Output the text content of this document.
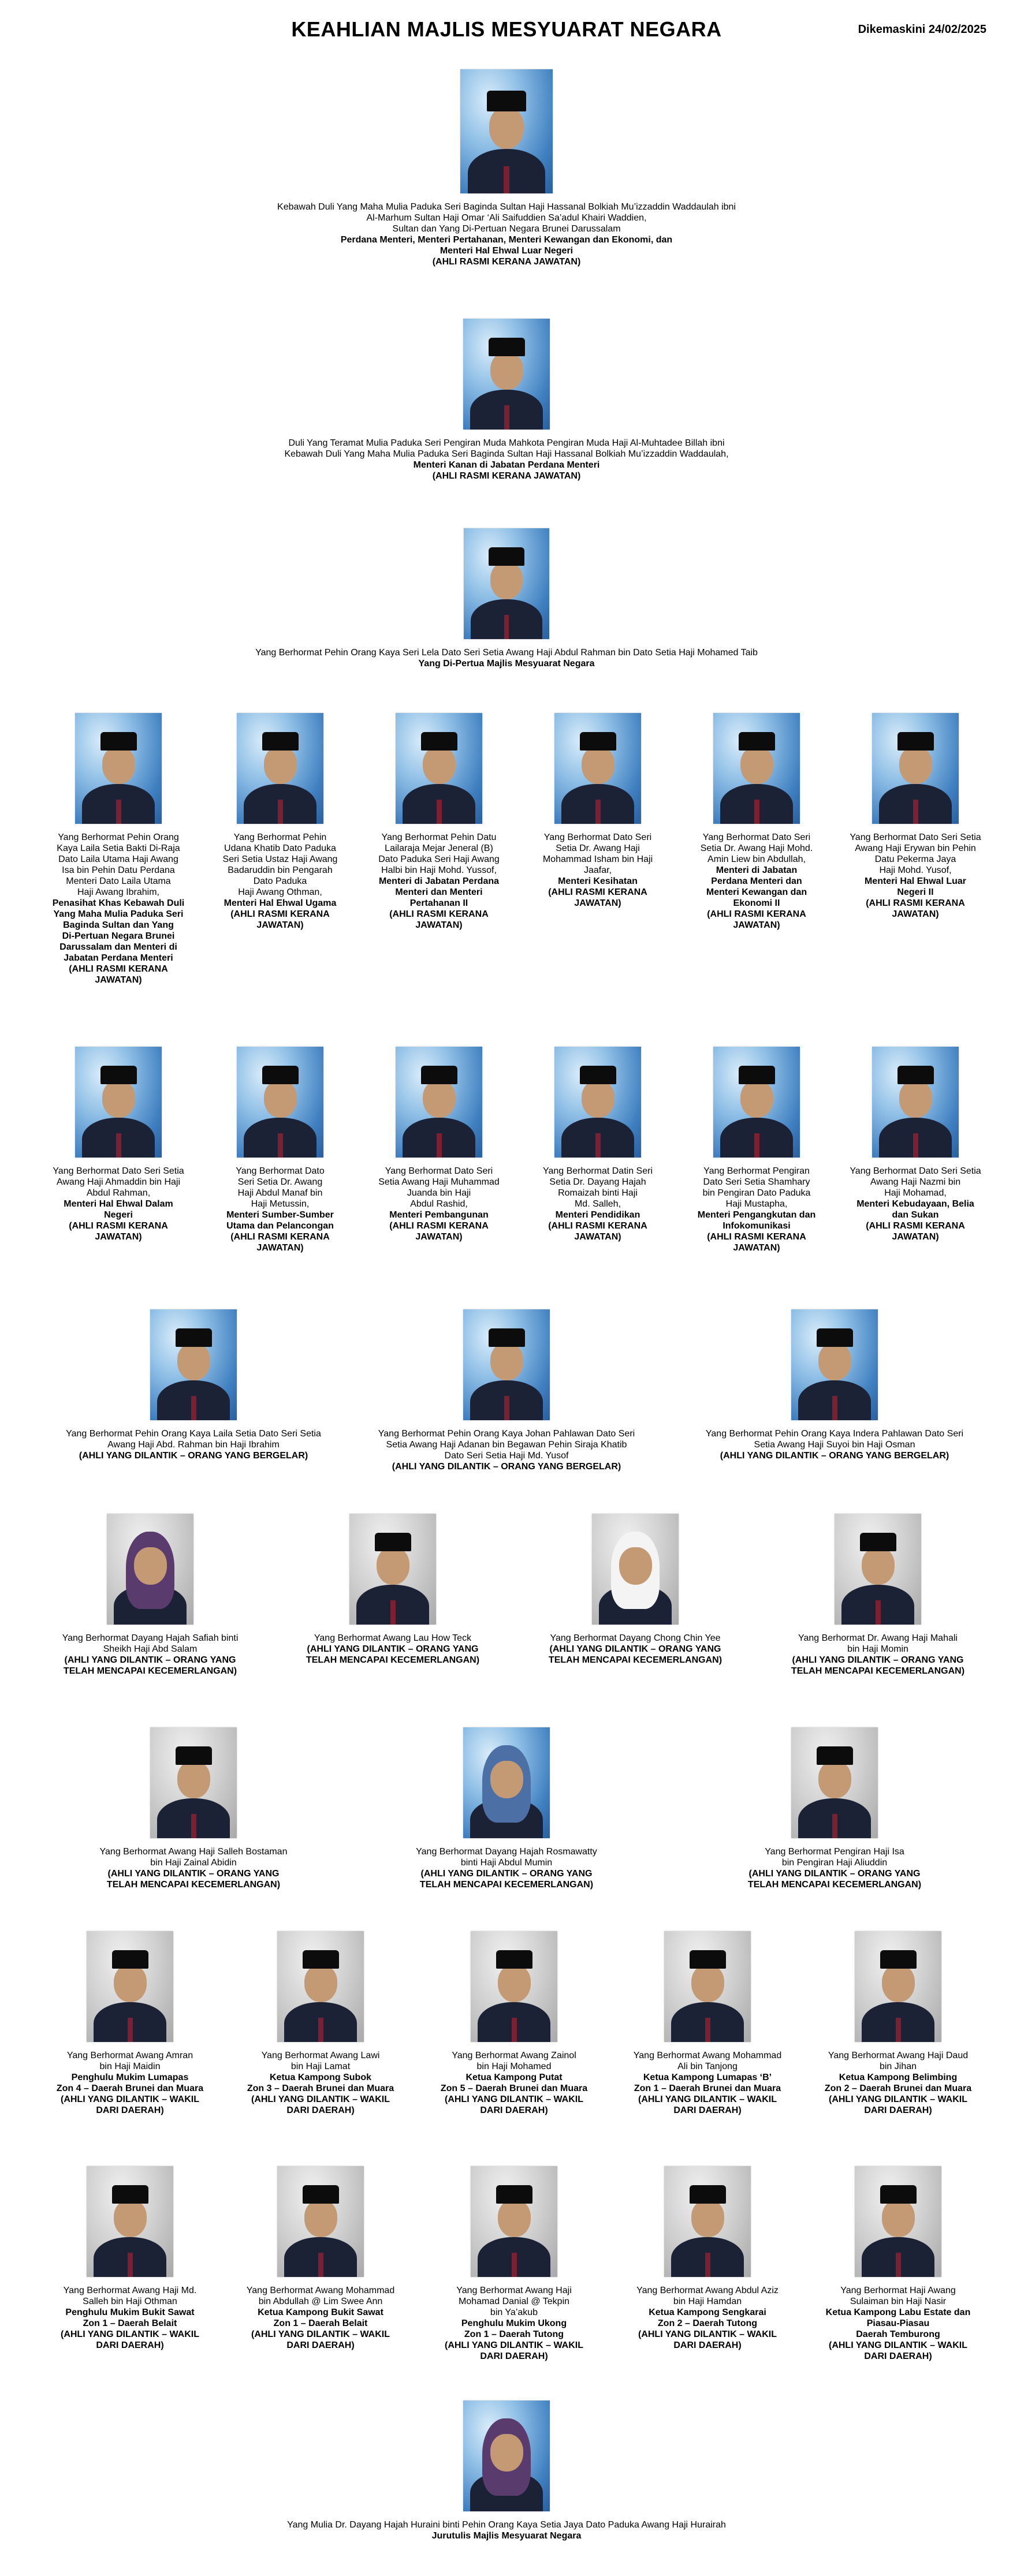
KEAHLIAN MAJLIS MESYUARAT NEGARA	Dikemaskini 24/02/2025
Kebawah Duli Yang Maha Mulia Paduka Seri Baginda Sultan Haji Hassanal Bolkiah Mu’izzaddin Waddaulah ibni
Al-Marhum Sultan Haji Omar ‘Ali Saifuddien Sa’adul Khairi Waddien,
Sultan dan Yang Di-Pertuan Negara Brunei Darussalam
Perdana Menteri, Menteri Pertahanan, Menteri Kewangan dan Ekonomi, dan
Menteri Hal Ehwal Luar Negeri
(AHLI RASMI KERANA JAWATAN)
Duli Yang Teramat Mulia Paduka Seri Pengiran Muda Mahkota Pengiran Muda Haji Al-Muhtadee Billah ibni
Kebawah Duli Yang Maha Mulia Paduka Seri Baginda Sultan Haji Hassanal Bolkiah Mu’izzaddin Waddaulah,
Menteri Kanan di Jabatan Perdana Menteri
(AHLI RASMI KERANA JAWATAN)
Yang Berhormat Pehin Orang Kaya Seri Lela Dato Seri Setia Awang Haji Abdul Rahman bin Dato Setia Haji Mohamed Taib
Yang Di-Pertua Majlis Mesyuarat Negara
Yang Berhormat Pehin Orang
Kaya Laila Setia Bakti Di-Raja
Dato Laila Utama Haji Awang
Isa bin Pehin Datu Perdana
Menteri Dato Laila Utama
Haji Awang Ibrahim,
Penasihat Khas Kebawah Duli
Yang Maha Mulia Paduka Seri
Baginda Sultan dan Yang
Di-Pertuan Negara Brunei
Darussalam dan Menteri di
Jabatan Perdana Menteri
(AHLI RASMI KERANA
JAWATAN)
Yang Berhormat Pehin
Udana Khatib Dato Paduka
Seri Setia Ustaz Haji Awang
Badaruddin bin Pengarah
Dato Paduka
Haji Awang Othman,
Menteri Hal Ehwal Ugama
(AHLI RASMI KERANA
JAWATAN)
Yang Berhormat Pehin Datu
Lailaraja Mejar Jeneral (B)
Dato Paduka Seri Haji Awang
Halbi bin Haji Mohd. Yussof,
Menteri di Jabatan Perdana
Menteri dan Menteri
Pertahanan II
(AHLI RASMI KERANA
JAWATAN)
Yang Berhormat Dato Seri
Setia Dr. Awang Haji
Mohammad Isham bin Haji
Jaafar,
Menteri Kesihatan
(AHLI RASMI KERANA
JAWATAN)
Yang Berhormat Dato Seri
Setia Dr. Awang Haji Mohd.
Amin Liew bin Abdullah,
Menteri di Jabatan
Perdana Menteri dan
Menteri Kewangan dan
Ekonomi II
(AHLI RASMI KERANA
JAWATAN)
Yang Berhormat Dato Seri Setia
Awang Haji Erywan bin Pehin
Datu Pekerma Jaya
Haji Mohd. Yusof,
Menteri Hal Ehwal Luar
Negeri II
(AHLI RASMI KERANA
JAWATAN)
Yang Berhormat Dato Seri Setia
Awang Haji Ahmaddin bin Haji
Abdul Rahman,
Menteri Hal Ehwal Dalam
Negeri
(AHLI RASMI KERANA
JAWATAN)
Yang Berhormat Dato
Seri Setia Dr. Awang
Haji Abdul Manaf bin
Haji Metussin,
Menteri Sumber-Sumber
Utama dan Pelancongan
(AHLI RASMI KERANA
JAWATAN)
Yang Berhormat Dato Seri
Setia Awang Haji Muhammad
Juanda bin Haji
Abdul Rashid,
Menteri Pembangunan
(AHLI RASMI KERANA
JAWATAN)
Yang Berhormat Datin Seri
Setia Dr. Dayang Hajah
Romaizah binti Haji
Md. Salleh,
Menteri Pendidikan
(AHLI RASMI KERANA
JAWATAN)
Yang Berhormat Pengiran
Dato Seri Setia Shamhary
bin Pengiran Dato Paduka
Haji Mustapha,
Menteri Pengangkutan dan
Infokomunikasi
(AHLI RASMI KERANA
JAWATAN)
Yang Berhormat Dato Seri Setia
Awang Haji Nazmi bin
Haji Mohamad,
Menteri Kebudayaan, Belia
dan Sukan
(AHLI RASMI KERANA
JAWATAN)
Yang Berhormat Pehin Orang Kaya Laila Setia Dato Seri Setia
Awang Haji Abd. Rahman bin Haji Ibrahim
(AHLI YANG DILANTIK – ORANG YANG BERGELAR)
Yang Berhormat Pehin Orang Kaya Johan Pahlawan Dato Seri
Setia Awang Haji Adanan bin Begawan Pehin Siraja Khatib
Dato Seri Setia Haji Md. Yusof
(AHLI YANG DILANTIK – ORANG YANG BERGELAR)
Yang Berhormat Pehin Orang Kaya Indera Pahlawan Dato Seri
Setia Awang Haji Suyoi bin Haji Osman
(AHLI YANG DILANTIK – ORANG YANG BERGELAR)
Yang Berhormat Dayang Hajah Safiah binti
Sheikh Haji Abd Salam
(AHLI YANG DILANTIK – ORANG YANG
TELAH MENCAPAI KECEMERLANGAN)
Yang Berhormat Awang Lau How Teck
(AHLI YANG DILANTIK – ORANG YANG
TELAH MENCAPAI KECEMERLANGAN)
Yang Berhormat Dayang Chong Chin Yee
(AHLI YANG DILANTIK – ORANG YANG
TELAH MENCAPAI KECEMERLANGAN)
Yang Berhormat Dr. Awang Haji Mahali
bin Haji Momin
(AHLI YANG DILANTIK – ORANG YANG
TELAH MENCAPAI KECEMERLANGAN)
Yang Berhormat Awang Haji Salleh Bostaman
bin Haji Zainal Abidin
(AHLI YANG DILANTIK – ORANG YANG
TELAH MENCAPAI KECEMERLANGAN)
Yang Berhormat Dayang Hajah Rosmawatty
binti Haji Abdul Mumin
(AHLI YANG DILANTIK – ORANG YANG
TELAH MENCAPAI KECEMERLANGAN)
Yang Berhormat Pengiran Haji Isa
bin Pengiran Haji Aliuddin
(AHLI YANG DILANTIK – ORANG YANG
TELAH MENCAPAI KECEMERLANGAN)
Yang Berhormat Awang Amran
bin Haji Maidin
Penghulu Mukim Lumapas
Zon 4 – Daerah Brunei dan Muara
(AHLI YANG DILANTIK – WAKIL
DARI DAERAH)
Yang Berhormat Awang Lawi
bin Haji Lamat
Ketua Kampong Subok
Zon 3 – Daerah Brunei dan Muara
(AHLI YANG DILANTIK – WAKIL
DARI DAERAH)
Yang Berhormat Awang Zainol
bin Haji Mohamed
Ketua Kampong Putat
Zon 5 – Daerah Brunei dan Muara
(AHLI YANG DILANTIK – WAKIL
DARI DAERAH)
Yang Berhormat Awang Mohammad
Ali bin Tanjong
Ketua Kampong Lumapas ‘B’
Zon 1 – Daerah Brunei dan Muara
(AHLI YANG DILANTIK – WAKIL
DARI DAERAH)
Yang Berhormat Awang Haji Daud
bin Jihan
Ketua Kampong Belimbing
Zon 2 – Daerah Brunei dan Muara
(AHLI YANG DILANTIK – WAKIL
DARI DAERAH)
Yang Berhormat Awang Haji Md.
Salleh bin Haji Othman
Penghulu Mukim Bukit Sawat
Zon 1 – Daerah Belait
(AHLI YANG DILANTIK – WAKIL
DARI DAERAH)
Yang Berhormat Awang Mohammad
bin Abdullah @ Lim Swee Ann
Ketua Kampong Bukit Sawat
Zon 1 – Daerah Belait
(AHLI YANG DILANTIK – WAKIL
DARI DAERAH)
Yang Berhormat Awang Haji
Mohamad Danial @ Tekpin
bin Ya’akub
Penghulu Mukim Ukong
Zon 1 – Daerah Tutong
(AHLI YANG DILANTIK – WAKIL
DARI DAERAH)
Yang Berhormat Awang Abdul Aziz
bin Haji Hamdan
Ketua Kampong Sengkarai
Zon 2 – Daerah Tutong
(AHLI YANG DILANTIK – WAKIL
DARI DAERAH)
Yang Berhormat Haji Awang
Sulaiman bin Haji Nasir
Ketua Kampong Labu Estate dan
Piasau-Piasau
Daerah Temburong
(AHLI YANG DILANTIK – WAKIL
DARI DAERAH)
Yang Mulia Dr. Dayang Hajah Huraini binti Pehin Orang Kaya Setia Jaya Dato Paduka Awang Haji Hurairah
Jurutulis Majlis Mesyuarat Negara
